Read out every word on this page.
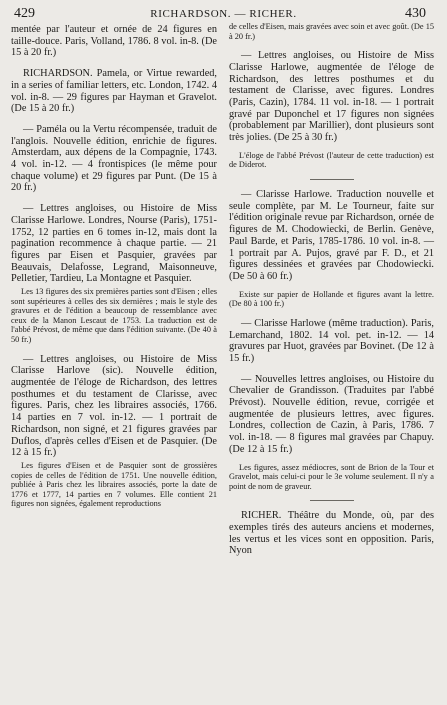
429	RICHARDSON. — RICHER.	430

mentée par l'auteur et ornée de 24 figures en taille-douce. Paris, Volland, 1786. 8 vol. in-8. (De 15 à 20 fr.)

RICHARDSON. Pamela, or Virtue rewarded, in a series of familiar letters, etc. London, 1742. 4 vol. in-8. — 29 figures par Hayman et Gravelot. (De 15 à 20 fr.)

— Paméla ou la Vertu récompensée, traduit de l'anglois. Nouvelle édition, enrichie de figures. Amsterdam, aux dépens de la Compagnie, 1743. 4 vol. in-12. — 4 frontispices (le même pour chaque volume) et 29 figures par Punt. (De 15 à 20 fr.)

— Lettres angloises, ou Histoire de Miss Clarisse Harlowe. Londres, Nourse (Paris), 1751-1752, 12 parties en 6 tomes in-12, mais dont la pagination recommence à chaque partie. — 21 figures par Eisen et Pasquier, gravées par Beauvais, Delafosse, Legrand, Maisonneuve, Pelletier, Tardieu, La Montagne et Pasquier.

Les 13 figures des six premières parties sont d'Eisen ; elles sont supérieures à celles des six dernières ; mais le style des gravures et de l'édition a beaucoup de ressemblance avec ceux de la Manon Lescaut de 1753. La traduction est de l'abbé Prévost, de même que dans l'édition suivante. (De 40 à 50 fr.)

— Lettres angloises, ou Histoire de Miss Clarisse Harlove (sic). Nouvelle édition, augmentée de l'éloge de Richardson, des lettres posthumes et du testament de Clarisse, avec figures. Paris, chez les libraires associés, 1766. 14 parties en 7 vol. in-12. — 1 portrait de Richardson, non signé, et 21 figures gravées par Duflos, d'après celles d'Eisen et de Pasquier. (De 12 à 15 fr.)

Les figures d'Eisen et de Pasquier sont de grossières copies de celles de l'édition de 1751. Une nouvelle édition, publiée à Paris chez les libraires associés, porte la date de 1776 et 1777, 14 parties en 7 volumes. Elle contient 21 figures non signées, également reproductions

de celles d'Eisen, mais gravées avec soin et avec goût. (De 15 à 20 fr.)

— Lettres angloises, ou Histoire de Miss Clarisse Harlowe, augmentée de l'éloge de Richardson, des lettres posthumes et du testament de Clarisse, avec figures. Londres (Paris, Cazin), 1784. 11 vol. in-18. — 1 portrait gravé par Duponchel et 17 figures non signées (probablement par Marillier), dont plusieurs sont très jolies. (De 25 à 30 fr.)

L'éloge de l'abbé Prévost (l'auteur de cette traduction) est de Diderot.

— Clarisse Harlowe. Traduction nouvelle et seule complète, par M. Le Tourneur, faite sur l'édition originale revue par Richardson, ornée de figures de M. Chodowiecki, de Berlin. Genève, Paul Barde, et Paris, 1785-1786. 10 vol. in-8. — 1 portrait par A. Pujos, gravé par F. D., et 21 figures dessinées et gravées par Chodowiecki. (De 50 à 60 fr.)

Existe sur papier de Hollande et figures avant la lettre. (De 80 à 100 fr.)

— Clarisse Harlowe (même traduction). Paris, Lemarchand, 1802. 14 vol. pet. in-12. — 14 gravures par Huot, gravées par Bovinet. (De 12 à 15 fr.)

— Nouvelles lettres angloises, ou Histoire du Chevalier de Grandisson. (Traduites par l'abbé Prévost). Nouvelle édition, revue, corrigée et augmentée de plusieurs lettres, avec figures. Londres, collection de Cazin, à Paris, 1786. 7 vol. in-18. — 8 figures mal gravées par Chapuy. (De 12 à 15 fr.)

Les figures, assez médiocres, sont de Brion de la Tour et Gravelot, mais celui-ci pour le 3e volume seulement. Il n'y a point de nom de graveur.

RICHER. Théâtre du Monde, où, par des exemples tirés des auteurs anciens et modernes, les vertus et les vices sont en opposition. Paris, Nyon
